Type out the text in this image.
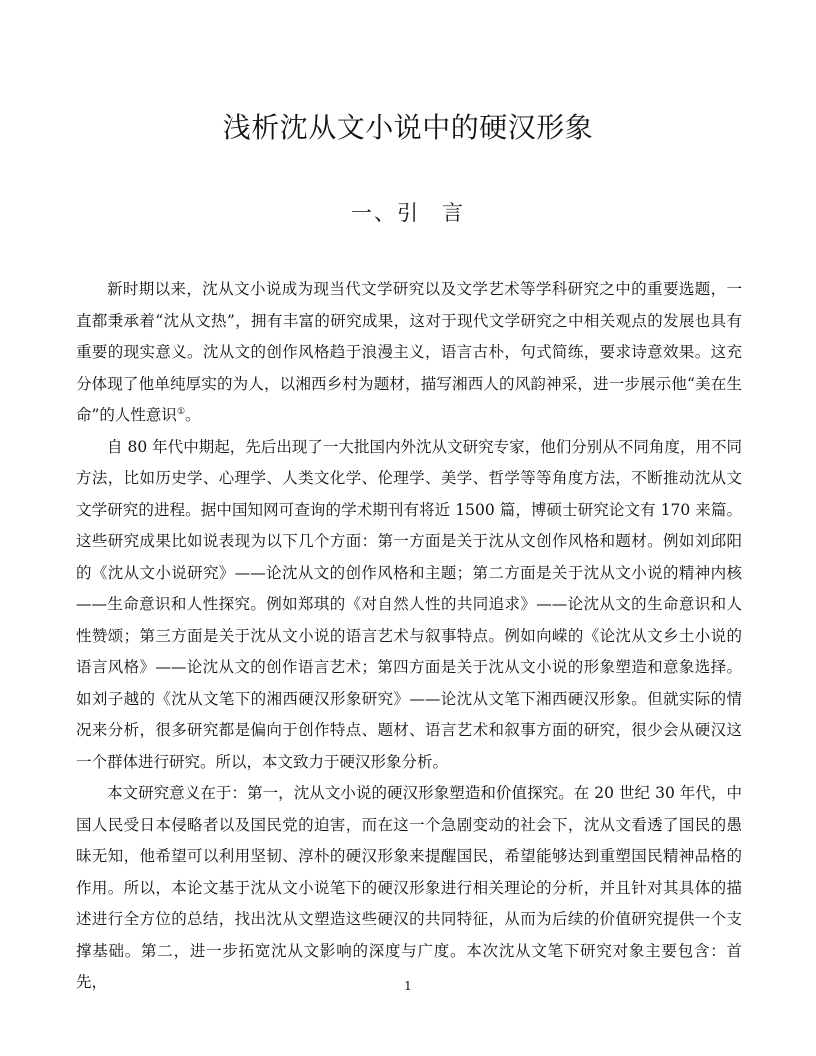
浅析沈从文小说中的硬汉形象
一、引 言

新时期以来，沈从文小说成为现当代文学研究以及文学艺术等学科研究之中的重要选题，一直都秉承着“沈从文热”，拥有丰富的研究成果，这对于现代文学研究之中相关观点的发展也具有重要的现实意义。沈从文的创作风格趋于浪漫主义，语言古朴，句式简练，要求诗意效果。这充分体现了他单纯厚实的为人，以湘西乡村为题材，描写湘西人的风韵神采，进一步展示他“美在生命”的人性意识①。

自 80 年代中期起，先后出现了一大批国内外沈从文研究专家，他们分别从不同角度，用不同方法，比如历史学、心理学、人类文化学、伦理学、美学、哲学等等角度方法，不断推动沈从文文学研究的进程。据中国知网可查询的学术期刊有将近 1500 篇，博硕士研究论文有 170 来篇。这些研究成果比如说表现为以下几个方面：第一方面是关于沈从文创作风格和题材。例如刘邱阳的《沈从文小说研究》——论沈从文的创作风格和主题；第二方面是关于沈从文小说的精神内核——生命意识和人性探究。例如郑琪的《对自然人性的共同追求》——论沈从文的生命意识和人性赞颂；第三方面是关于沈从文小说的语言艺术与叙事特点。例如向嵘的《论沈从文乡土小说的语言风格》——论沈从文的创作语言艺术；第四方面是关于沈从文小说的形象塑造和意象选择。如刘子越的《沈从文笔下的湘西硬汉形象研究》——论沈从文笔下湘西硬汉形象。但就实际的情况来分析，很多研究都是偏向于创作特点、题材、语言艺术和叙事方面的研究，很少会从硬汉这一个群体进行研究。所以，本文致力于硬汉形象分析。

本文研究意义在于：第一，沈从文小说的硬汉形象塑造和价值探究。在 20 世纪 30 年代，中国人民受日本侵略者以及国民党的迫害，而在这一个急剧变动的社会下，沈从文看透了国民的愚昧无知，他希望可以利用坚韧、淳朴的硬汉形象来提醒国民，希望能够达到重塑国民精神品格的作用。所以，本论文基于沈从文小说笔下的硬汉形象进行相关理论的分析，并且针对其具体的描述进行全方位的总结，找出沈从文塑造这些硬汉的共同特征，从而为后续的价值研究提供一个支撑基础。第二，进一步拓宽沈从文影响的深度与广度。本次沈从文笔下研究对象主要包含：首先，	1
